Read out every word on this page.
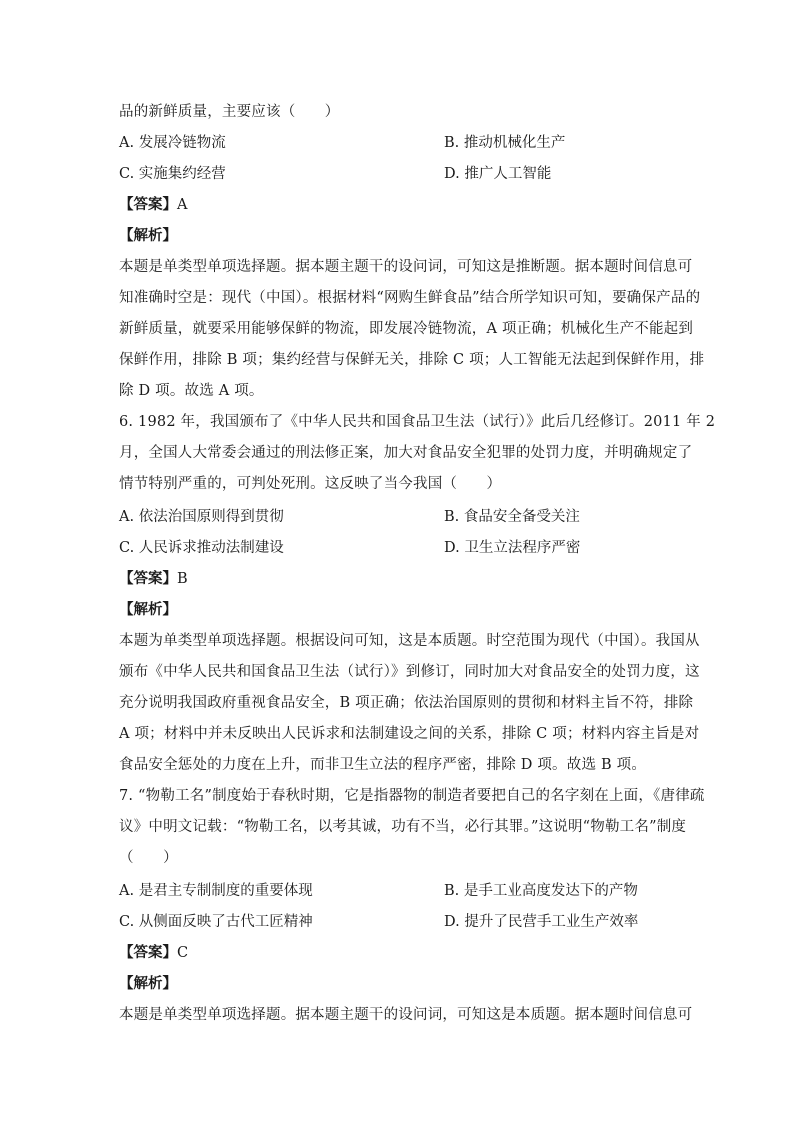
品的新鲜质量，主要应该（　　）
A. 发展冷链物流	B. 推动机械化生产
C. 实施集约经营	D. 推广人工智能
【答案】A
【解析】
本题是单类型单项选择题。据本题主题干的设问词，可知这是推断题。据本题时间信息可
知准确时空是：现代（中国）。根据材料“网购生鲜食品”结合所学知识可知，要确保产品的
新鲜质量，就要采用能够保鲜的物流，即发展冷链物流，A 项正确；机械化生产不能起到
保鲜作用，排除 B 项；集约经营与保鲜无关，排除 C 项；人工智能无法起到保鲜作用，排
除 D 项。故选 A 项。
6. 1982 年，我国颁布了《中华人民共和国食品卫生法（试行）》此后几经修订。2011 年 2
月，全国人大常委会通过的刑法修正案，加大对食品安全犯罪的处罚力度，并明确规定了
情节特别严重的，可判处死刑。这反映了当今我国（　　）
A. 依法治国原则得到贯彻	B. 食品安全备受关注
C. 人民诉求推动法制建设	D. 卫生立法程序严密
【答案】B
【解析】
本题为单类型单项选择题。根据设问可知，这是本质题。时空范围为现代（中国）。我国从
颁布《中华人民共和国食品卫生法（试行）》到修订，同时加大对食品安全的处罚力度，这
充分说明我国政府重视食品安全，B 项正确；依法治国原则的贯彻和材料主旨不符，排除
A 项；材料中并未反映出人民诉求和法制建设之间的关系，排除 C 项；材料内容主旨是对
食品安全惩处的力度在上升，而非卫生立法的程序严密，排除 D 项。故选 B 项。
7. “物勒工名”制度始于春秋时期，它是指器物的制造者要把自己的名字刻在上面，《唐律疏
议》中明文记载：“物勒工名，以考其诚，功有不当，必行其罪。”这说明“物勒工名”制度
（　　）
A. 是君主专制制度的重要体现	B. 是手工业高度发达下的产物
C. 从侧面反映了古代工匠精神	D. 提升了民营手工业生产效率
【答案】C
【解析】
本题是单类型单项选择题。据本题主题干的设问词，可知这是本质题。据本题时间信息可
